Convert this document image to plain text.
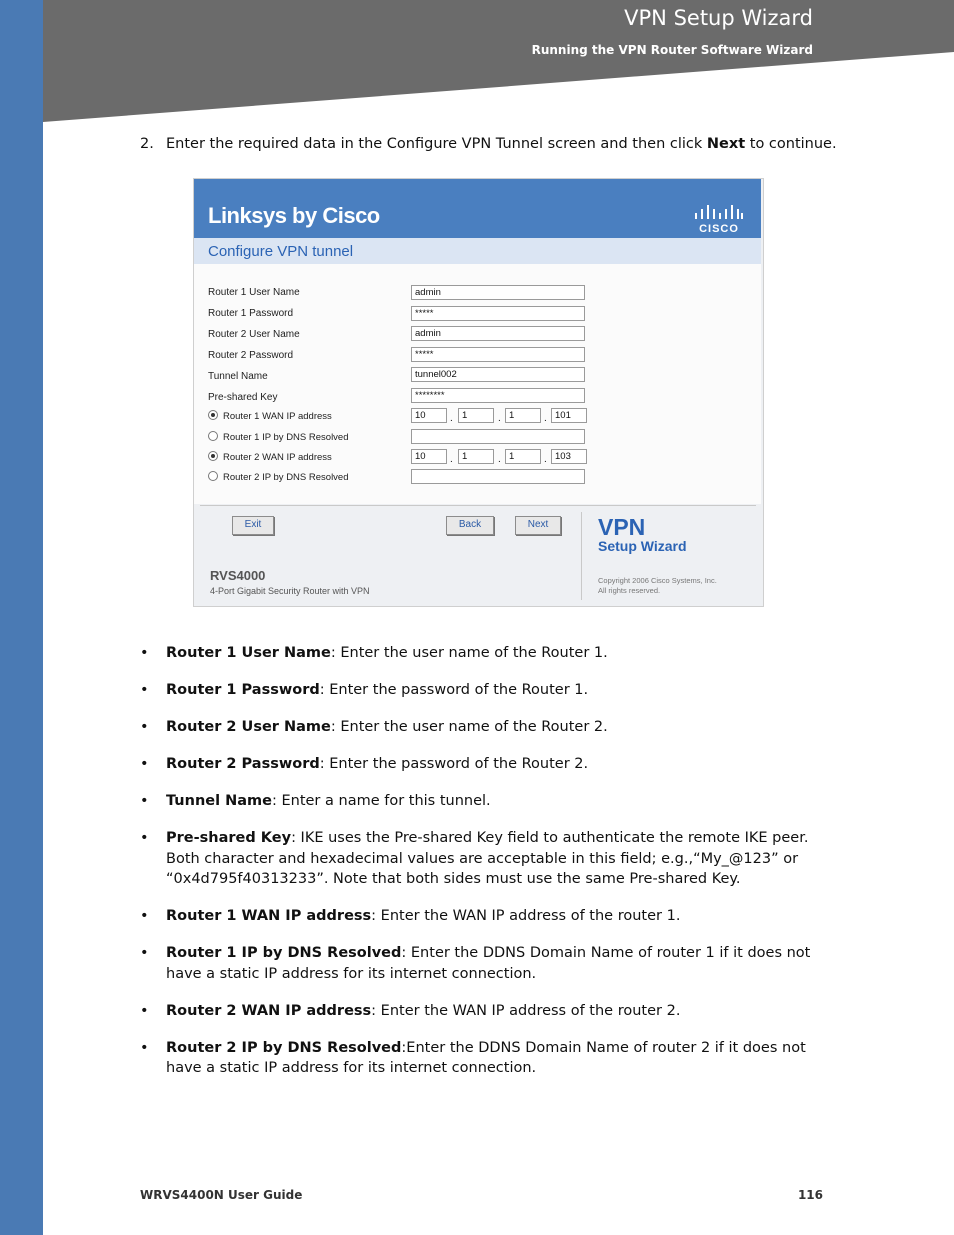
VPN Setup Wizard
Running the VPN Router Software Wizard
2. Enter the required data in the Configure VPN Tunnel screen and then click Next to continue.
Linksys by Cisco
CISCO
Configure VPN tunnel
Router 1 User Name	admin
Router 1 Password	*****
Router 2 User Name	admin
Router 2 Password	*****
Tunnel Name	tunnel002
Pre-shared Key	********
Router 1 WAN IP address	10	. 1	. 1	. 101
Router 1 IP by DNS Resolved
Router 2 WAN IP address	10	. 1	. 1	. 103
Router 2 IP by DNS Resolved
Exit	Back	Next	VPN
Setup Wizard
RVS4000
4-Port Gigabit Security Router with VPN
Copyright 2006 Cisco Systems, Inc.
All rights reserved.
• Router 1 User Name: Enter the user name of the Router 1.
• Router 1 Password: Enter the password of the Router 1.
• Router 2 User Name: Enter the user name of the Router 2.
• Router 2 Password: Enter the password of the Router 2.
• Tunnel Name: Enter a name for this tunnel.
• Pre-shared Key: IKE uses the Pre-shared Key field to authenticate the remote IKE peer. Both character and hexadecimal values are acceptable in this field; e.g.,“My_@123” or “0x4d795f40313233”. Note that both sides must use the same Pre-shared Key.
• Router 1 WAN IP address: Enter the WAN IP address of the router 1.
• Router 1 IP by DNS Resolved: Enter the DDNS Domain Name of router 1 if it does not have a static IP address for its internet connection.
• Router 2 WAN IP address: Enter the WAN IP address of the router 2.
• Router 2 IP by DNS Resolved:Enter the DDNS Domain Name of router 2 if it does not have a static IP address for its internet connection.
WRVS4400N User Guide	116
